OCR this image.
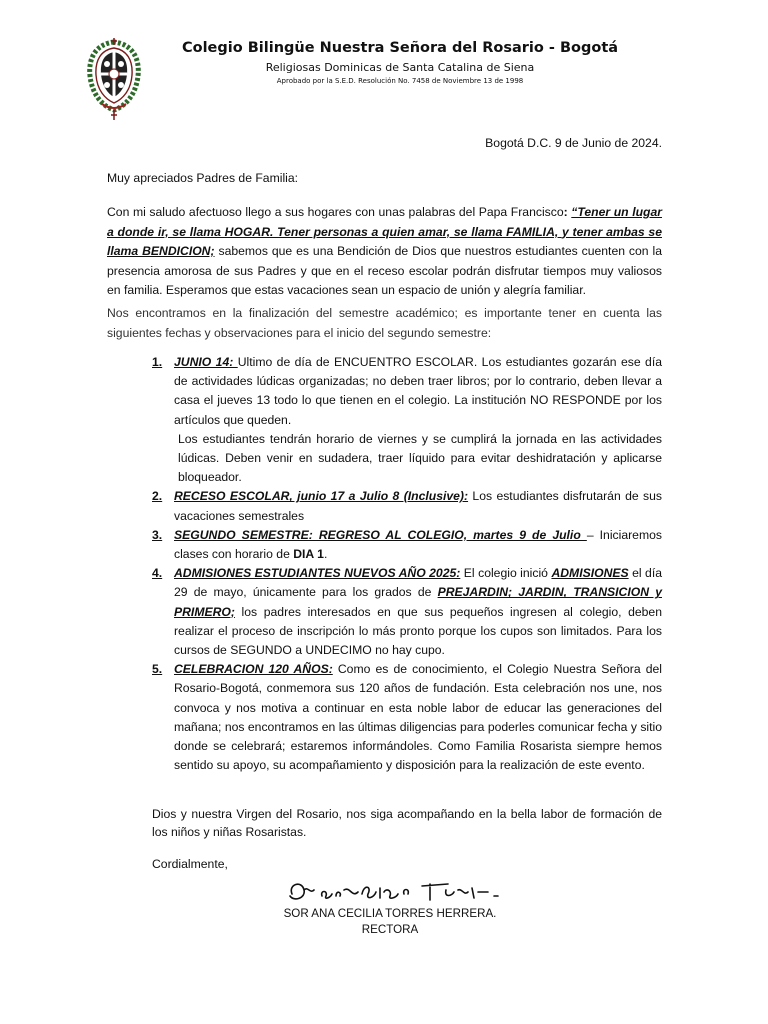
Colegio Bilingüe Nuestra Señora del Rosario - Bogotá
Religiosas Dominicas de Santa Catalina de Siena
Aprobado por la S.E.D. Resolución No. 7458 de Noviembre 13 de 1998
Bogotá D.C. 9 de Junio de 2024.
Muy apreciados Padres de Familia:

Con mi saludo afectuoso llego a sus hogares con unas palabras del Papa Francisco: “Tener un lugar a donde ir, se llama HOGAR. Tener personas a quien amar, se llama FAMILIA, y tener ambas se llama BENDICION; sabemos que es una Bendición de Dios que nuestros estudiantes cuenten con la presencia amorosa de sus Padres y que en el receso escolar podrán disfrutar tiempos muy valiosos en familia. Esperamos que estas vacaciones sean un espacio de unión y alegría familiar.

Nos encontramos en la finalización del semestre académico; es importante tener en cuenta las siguientes fechas y observaciones para el inicio del segundo semestre:

1. JUNIO 14: Ultimo de día de ENCUENTRO ESCOLAR. Los estudiantes gozarán ese día de actividades lúdicas organizadas; no deben traer libros; por lo contrario, deben llevar a casa el jueves 13 todo lo que tienen en el colegio. La institución NO RESPONDE por los artículos que queden.
Los estudiantes tendrán horario de viernes y se cumplirá la jornada en las actividades lúdicas. Deben venir en sudadera, traer líquido para evitar deshidratación y aplicarse bloqueador.
2. RECESO ESCOLAR, junio 17 a Julio 8 (Inclusive): Los estudiantes disfrutarán de sus vacaciones semestrales
3. SEGUNDO SEMESTRE: REGRESO AL COLEGIO, martes 9 de Julio – Iniciaremos clases con horario de DIA 1.
4. ADMISIONES ESTUDIANTES NUEVOS AÑO 2025: El colegio inició ADMISIONES el día 29 de mayo, únicamente para los grados de PREJARDIN; JARDIN, TRANSICION y PRIMERO; los padres interesados en que sus pequeños ingresen al colegio, deben realizar el proceso de inscripción lo más pronto porque los cupos son limitados. Para los cursos de SEGUNDO a UNDECIMO no hay cupo.
5. CELEBRACION 120 AÑOS: Como es de conocimiento, el Colegio Nuestra Señora del Rosario-Bogotá, conmemora sus 120 años de fundación. Esta celebración nos une, nos convoca y nos motiva a continuar en esta noble labor de educar las generaciones del mañana; nos encontramos en las últimas diligencias para poderles comunicar fecha y sitio donde se celebrará; estaremos informándoles. Como Familia Rosarista siempre hemos sentido su apoyo, su acompañamiento y disposición para la realización de este evento.

Dios y nuestra Virgen del Rosario, nos siga acompañando en la bella labor de formación de los niños y niñas Rosaristas.

Cordialmente,
SOR ANA CECILIA TORRES HERRERA.
RECTORA
